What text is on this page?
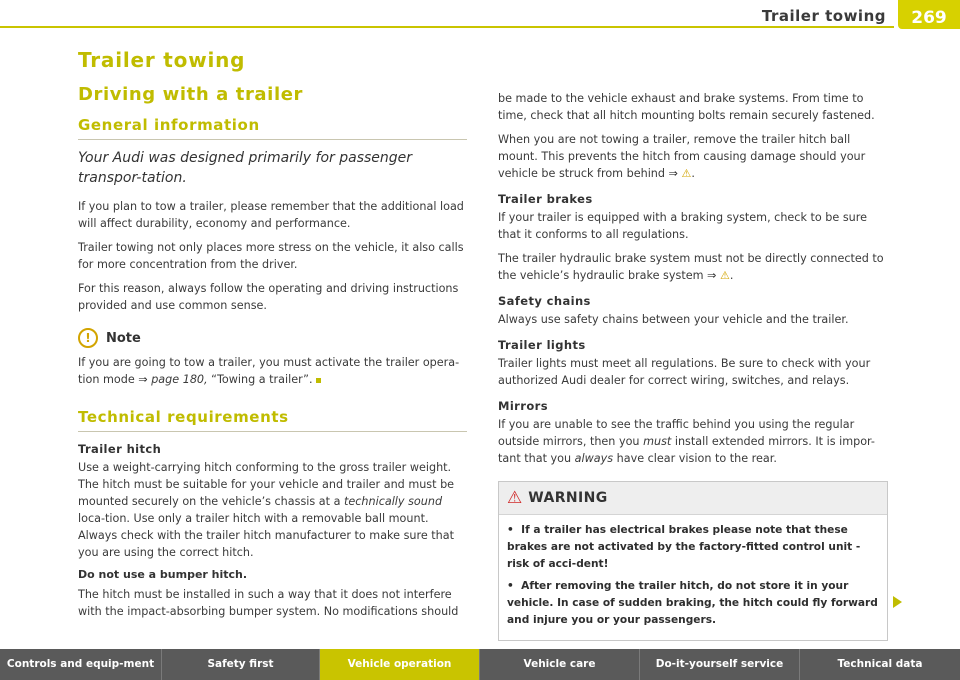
Trailer towing	269
Trailer towing
Driving with a trailer
General information
Your Audi was designed primarily for passenger transpor-tation.
If you plan to tow a trailer, please remember that the additional load will affect durability, economy and performance.
Trailer towing not only places more stress on the vehicle, it also calls for more concentration from the driver.
For this reason, always follow the operating and driving instructions provided and use common sense.
!	Note
If you are going to tow a trailer, you must activate the trailer opera-tion mode ⇒ page 180, “Towing a trailer”.
Technical requirements
Trailer hitch
Use a weight-carrying hitch conforming to the gross trailer weight. The hitch must be suitable for your vehicle and trailer and must be mounted securely on the vehicle’s chassis at a technically sound loca-tion. Use only a trailer hitch with a removable ball mount. Always check with the trailer hitch manufacturer to make sure that you are using the correct hitch.
Do not use a bumper hitch.
The hitch must be installed in such a way that it does not interfere with the impact-absorbing bumper system. No modifications should
be made to the vehicle exhaust and brake systems. From time to time, check that all hitch mounting bolts remain securely fastened.
When you are not towing a trailer, remove the trailer hitch ball mount. This prevents the hitch from causing damage should your vehicle be struck from behind ⇒ ⚠.
Trailer brakes
If your trailer is equipped with a braking system, check to be sure that it conforms to all regulations.
The trailer hydraulic brake system must not be directly connected to the vehicle’s hydraulic brake system ⇒ ⚠.
Safety chains
Always use safety chains between your vehicle and the trailer.
Trailer lights
Trailer lights must meet all regulations. Be sure to check with your authorized Audi dealer for correct wiring, switches, and relays.
Mirrors
If you are unable to see the traffic behind you using the regular outside mirrors, then you must install extended mirrors. It is impor-tant that you always have clear vision to the rear.
⚠ WARNING
•  If a trailer has electrical brakes please note that these brakes are not activated by the factory-fitted control unit - risk of acci-dent!
•  After removing the trailer hitch, do not store it in your vehicle. In case of sudden braking, the hitch could fly forward and injure you or your passengers.
Controls and equip-ment	Safety first	Vehicle operation	Vehicle care	Do-it-yourself service	Technical data
